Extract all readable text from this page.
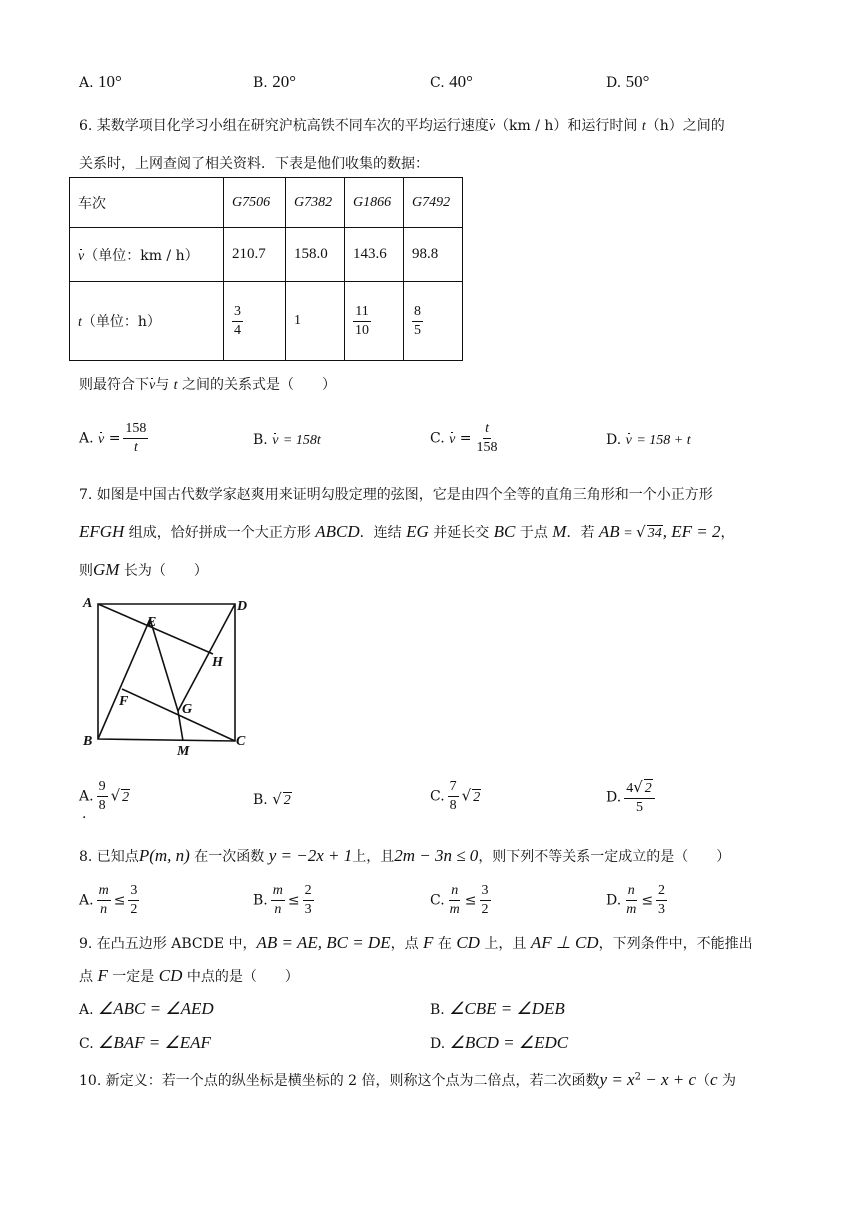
A. 10°	B. 20°	C. 40°	D. 50°
6. 某数学项目化学习小组在研究沪杭高铁不同车次的平均运行速度v（km / h）和运行时间 t（h）之间的
关系时，上网查阅了相关资料．下表是他们收集的数据：
车次	G7506	G7382	G1866	G7492
v（单位：km / h）	210.7	158.0	143.6	98.8
t（单位：h）	$\frac{3}{4}$	1	$\frac{11}{10}$	$\frac{8}{5}$
则最符合下v与 t 之间的关系式是（　　）
A. $v = \frac{158}{t}$	B. v = 158t	C. $v = \frac{t}{158}$	D. v = 158 + t
7. 如图是中国古代数学家赵爽用来证明勾股定理的弦图，它是由四个全等的直角三角形和一个小正方形
EFGH 组成，恰好拼成一个大正方形 ABCD．连结 EG 并延长交 BC 于点 M．若 AB = √ 34, EF = 2，
则GM 长为（　　）
A	D
B	C
E
H
F
G
M
A. $\frac{9}{8}$ √ 2
.
B. √ 2	C. $\frac{7}{8}$ √ 2	D. $\frac{4√ 2}{5}$
8. 已知点P(m, n) 在一次函数 y = −2x + 1上，且2m − 3n ≤ 0，则下列不等关系一定成立的是（　　）
A. $\frac{m}{n} \le \frac{3}{2}$	B. $\frac{m}{n} \le \frac{2}{3}$	C. $\frac{n}{m} \le \frac{3}{2}$	D. $\frac{n}{m} \le \frac{2}{3}$
9. 在凸五边形 ABCDE 中，AB = AE, BC = DE，点 F 在 CD 上，且 AF ⊥ CD，下列条件中，不能推出
点 F 一定是 CD 中点的是（　　）
A. ∠ABC = ∠AED	B. ∠CBE = ∠DEB
C. ∠BAF = ∠EAF	D. ∠BCD = ∠EDC
10. 新定义：若一个点的纵坐标是横坐标的 2 倍，则称这个点为二倍点，若二次函数$y = x^2 - x + c(c$ 为
